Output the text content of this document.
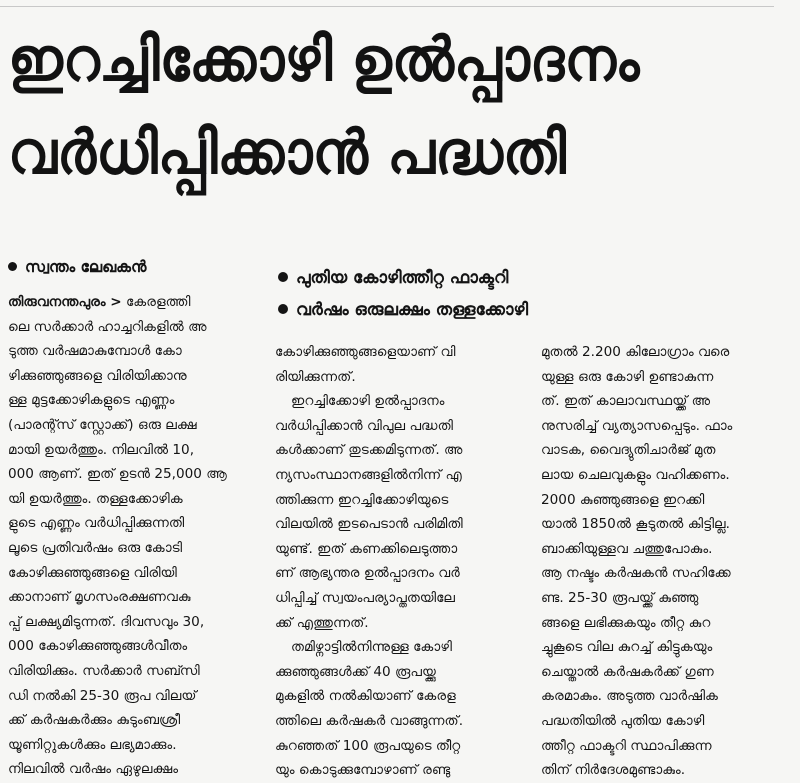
ഇറച്ചിക്കോഴി ഉൽപ്പാദനം
വർധിപ്പിക്കാൻ പദ്ധതി
സ്വന്തം ലേഖകൻ
പുതിയ കോഴിത്തീറ്റ ഫാക്ടറി
വർഷം ഒരുലക്ഷം തള്ളക്കോഴി
തിരുവനന്തപുരം > കേരളത്തി
ലെ സർക്കാർ ഹാച്ചറികളിൽ അ
ടുത്ത വർഷമാകുമ്പോൾ കോ
ഴിക്കുഞ്ഞുങ്ങളെ വിരിയിക്കാനു
ള്ള മുട്ടക്കോഴികളുടെ എണ്ണം
(പാരന്റ്സ് സ്റ്റോക്ക്) ഒരു ലക്ഷ
മായി ഉയർത്തും. നിലവിൽ 10,
000 ആണ്. ഇത് ഉടൻ 25,000 ആ
യി ഉയർത്തും. തള്ളക്കോഴിക
ളുടെ എണ്ണം വർധിപ്പിക്കുന്നതി
ലൂടെ പ്രതിവർഷം ഒരു കോടി
കോഴിക്കുഞ്ഞുങ്ങളെ വിരിയി
ക്കാനാണ് മൃഗസംരക്ഷണവകു
പ്പ് ലക്ഷ്യമിടുന്നത്. ദിവസവും 30,
000 കോഴിക്കുഞ്ഞുങ്ങൾവീതം
വിരിയിക്കും. സർക്കാർ സബ്സി
ഡി നൽകി 25-30 രൂപ വിലയ്
ക്ക് കർഷകർക്കും കുടുംബശ്രീ
യൂണിറ്റുകൾക്കും ലഭ്യമാക്കും.
നിലവിൽ വർഷം ഏഴുലക്ഷം
കോഴിക്കുഞ്ഞുങ്ങളെയാണ് വി
രിയിക്കുന്നത്.
ഇറച്ചിക്കോഴി ഉൽപ്പാദനം
വർധിപ്പിക്കാൻ വിപുല പദ്ധതി
കൾക്കാണ് തുടക്കമിടുന്നത്. അ
ന്യസംസ്ഥാനങ്ങളിൽനിന്ന് എ
ത്തിക്കുന്ന ഇറച്ചിക്കോഴിയുടെ
വിലയിൽ ഇടപെടാൻ പരിമിതി
യുണ്ട്. ഇത് കണക്കിലെടുത്താ
ണ് ആഭ്യന്തര ഉൽപ്പാദനം വർ
ധിപ്പിച്ച് സ്വയംപര്യാപ്തതയിലേ
ക്ക് എത്തുന്നത്.
തമിഴ്നാട്ടിൽനിന്നുള്ള കോഴി
ക്കുഞ്ഞുങ്ങൾക്ക് 40 രൂപയ്ക്കു
മുകളിൽ നൽകിയാണ് കേരള
ത്തിലെ കർഷകർ വാങ്ങുന്നത്.
കുറഞ്ഞത് 100 രൂപയുടെ തീറ്റ
യും കൊടുക്കുമ്പോഴാണ് രണ്ടു
മുതൽ 2.200 കിലോഗ്രാം വരെ
യുള്ള ഒരു കോഴി ഉണ്ടാകുന്ന
ത്. ഇത് കാലാവസ്ഥയ്ക്ക് അ
നുസരിച്ച് വ്യത്യാസപ്പെടും. ഫാം
വാടക, വൈദ്യുതിചാർജ് മുത
ലായ ചെലവുകളും വഹിക്കണം.
2000 കുഞ്ഞുങ്ങളെ ഇറക്കി
യാൽ 1850ൽ കൂടുതൽ കിട്ടില്ല.
ബാക്കിയുള്ളവ ചത്തുപോകും.
ആ നഷ്ടം കർഷകൻ സഹിക്കേ
ണ്ട. 25-30 രൂപയ്ക്ക് കുഞ്ഞു
ങ്ങളെ ലഭിക്കുകയും തീറ്റ കുറ
ച്ചുകൂടെ വില കുറച്ച് കിട്ടുകയും
ചെയ്താൽ കർഷകർക്ക് ഗുണ
കരമാകും. അടുത്ത വാർഷിക
പദ്ധതിയിൽ പുതിയ കോഴി
ത്തീറ്റ ഫാക്ടറി സ്ഥാപിക്കുന്ന
തിന് നിർദേശമുണ്ടാകും.
